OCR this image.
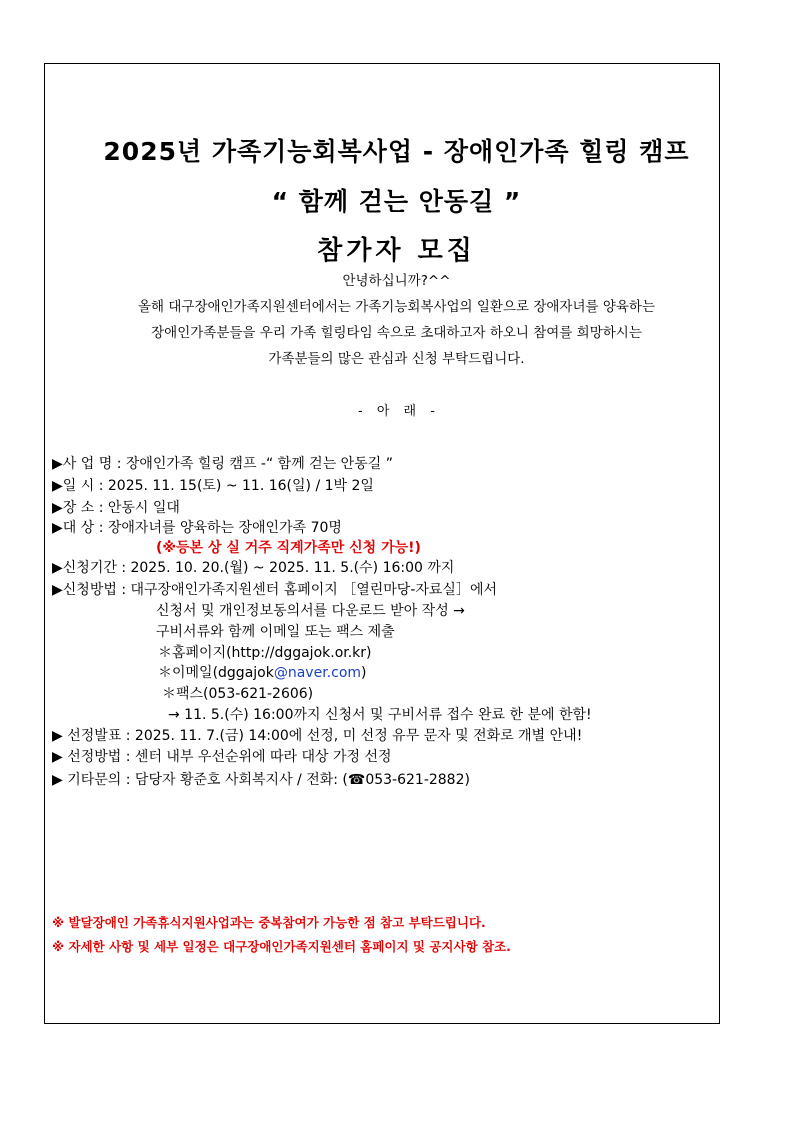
2025년 가족기능회복사업 - 장애인가족 힐링 캠프
“ 함께 걷는 안동길 ”
참가자 모집
안녕하십니까?^^
올해 대구장애인가족지원센터에서는 가족기능회복사업의 일환으로 장애자녀를 양육하는
장애인가족분들을 우리 가족 힐링타임 속으로 초대하고자 하오니 참여를 희망하시는
가족분들의 많은 관심과 신청 부탁드립니다.
- 아 래 -
▶사 업 명 : 장애인가족 힐링 캠프 -“ 함께 걷는 안동길 ”
▶일 시 : 2025. 11. 15(토) ~ 11. 16(일) / 1박 2일
▶장 소 : 안동시 일대
▶대 상 : 장애자녀를 양육하는 장애인가족 70명
(※등본 상 실 거주 직계가족만 신청 가능!)
▶신청기간 : 2025. 10. 20.(월) ~ 2025. 11. 5.(수) 16:00 까지
▶신청방법 : 대구장애인가족지원센터 홈페이지 ［열린마당-자료실］에서
신청서 및 개인정보동의서를 다운로드 받아 작성 →
구비서류와 함께 이메일 또는 팩스 제출
＊홈페이지(http://dggajok.or.kr)
＊이메일(dggajok@naver.com)
＊팩스(053-621-2606)
→ 11. 5.(수) 16:00까지 신청서 및 구비서류 접수 완료 한 분에 한함!
▶ 선정발표 : 2025. 11. 7.(금) 14:00에 선정, 미 선정 유무 문자 및 전화로 개별 안내!
▶ 선정방법 : 센터 내부 우선순위에 따라 대상 가정 선정
▶ 기타문의 : 담당자 황준호 사회복지사 / 전화: (☎053-621-2882)
※ 발달장애인 가족휴식지원사업과는 중복참여가 가능한 점 참고 부탁드립니다.
※ 자세한 사항 및 세부 일정은 대구장애인가족지원센터 홈페이지 및 공지사항 참조.
